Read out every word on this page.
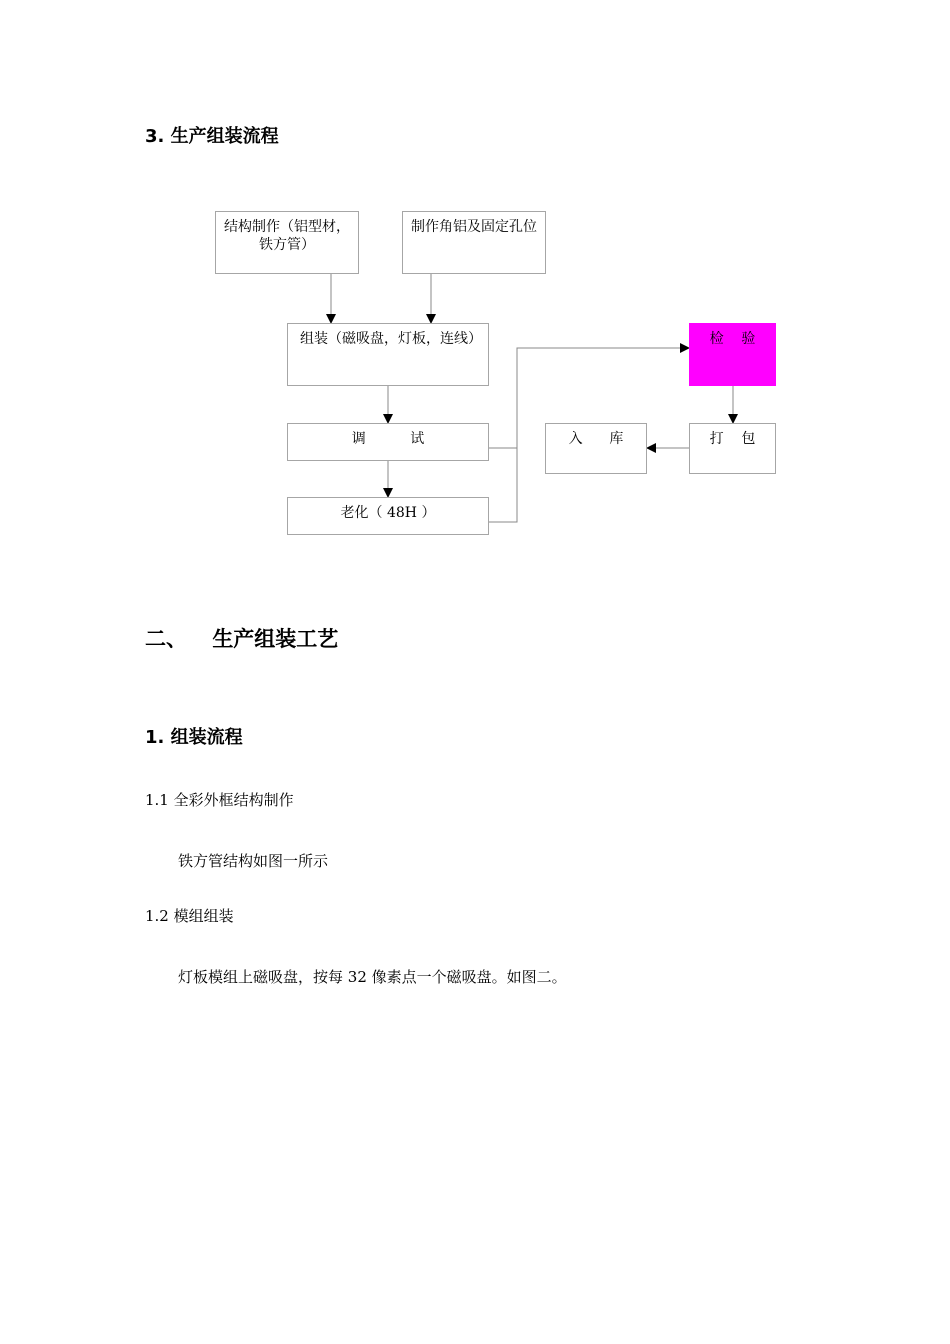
3. 生产组装流程
结构制作（铝型材，铁方管）
制作角铝及固定孔位
组装（磁吸盘，灯板，连线）
调          试
老化（ 48H ）
检    验
打    包
入      库
二、 生产组装工艺
1. 组装流程
1.1 全彩外框结构制作
铁方管结构如图一所示
1.2 模组组装
灯板模组上磁吸盘，按每 32 像素点一个磁吸盘。如图二。
